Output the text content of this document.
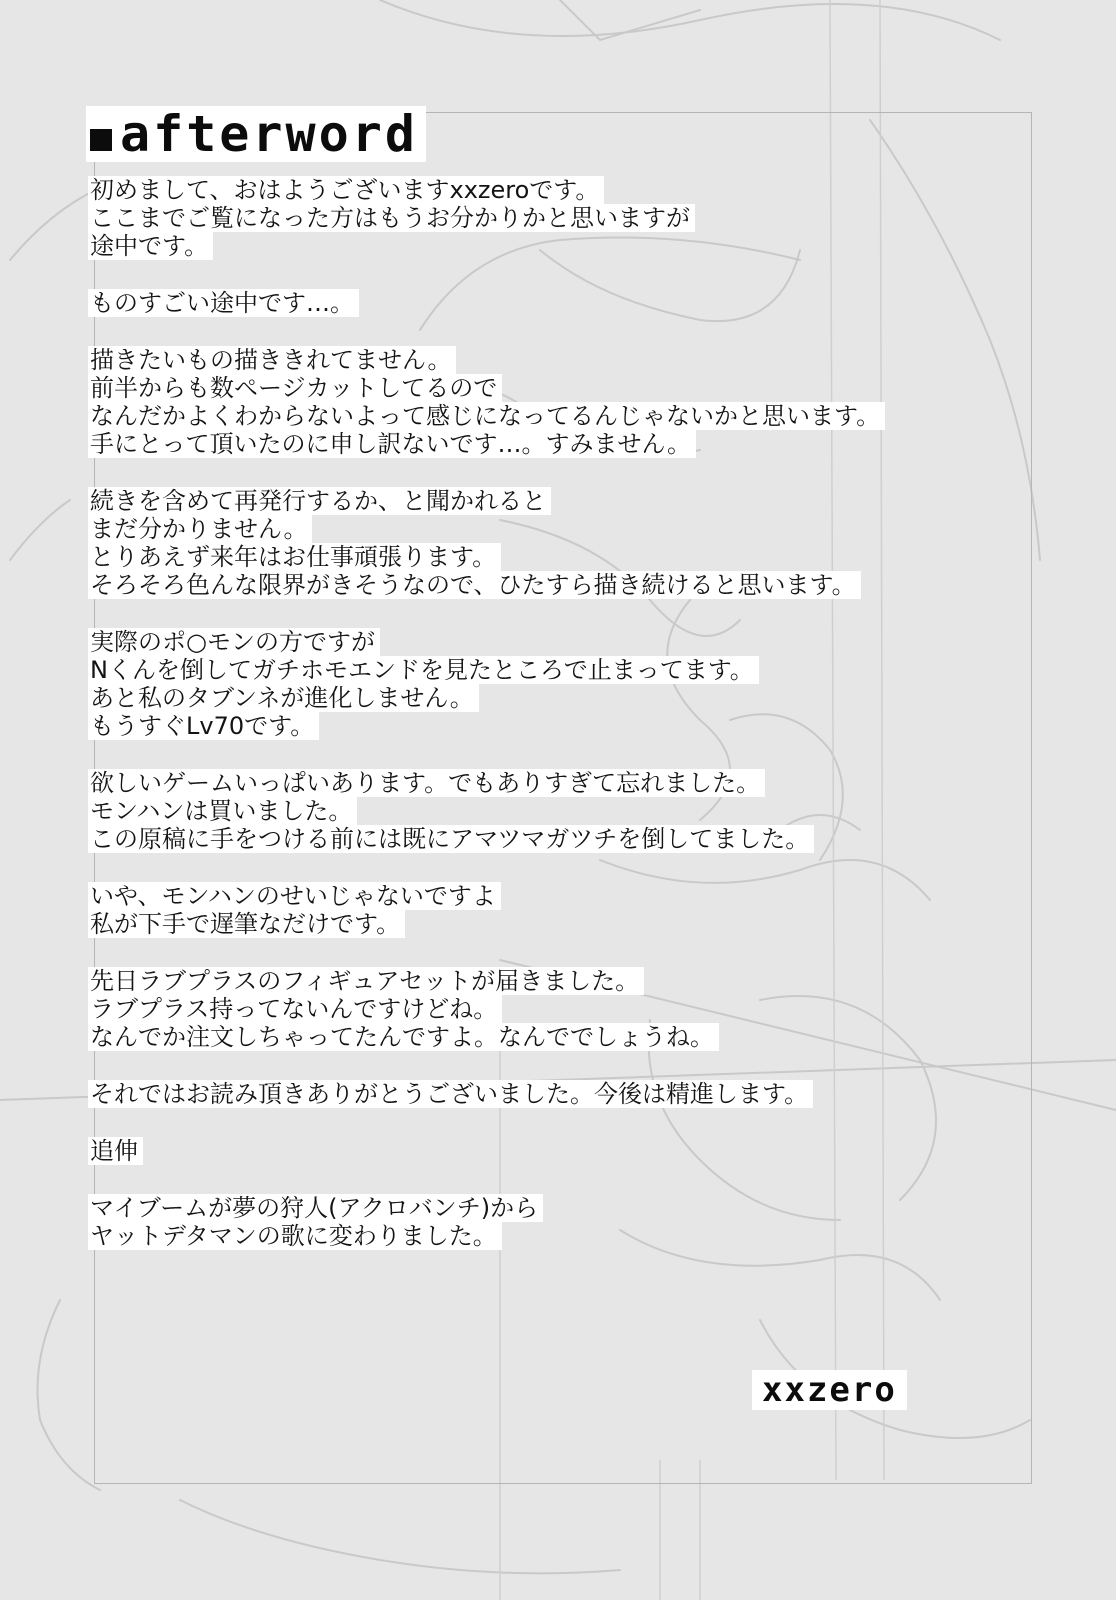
afterword
初めまして、おはようございますxxzeroです。
ここまでご覧になった方はもうお分かりかと思いますが
途中です。
ものすごい途中です…。
描きたいもの描ききれてません。
前半からも数ページカットしてるので
なんだかよくわからないよって感じになってるんじゃないかと思います。
手にとって頂いたのに申し訳ないです…。すみません。
続きを含めて再発行するか、と聞かれると
まだ分かりません。
とりあえず来年はお仕事頑張ります。
そろそろ色んな限界がきそうなので、ひたすら描き続けると思います。
実際のポ○モンの方ですが
Nくんを倒してガチホモエンドを見たところで止まってます。
あと私のタブンネが進化しません。
もうすぐLv70です。
欲しいゲームいっぱいあります。でもありすぎて忘れました。
モンハンは買いました。
この原稿に手をつける前には既にアマツマガツチを倒してました。
いや、モンハンのせいじゃないですよ
私が下手で遅筆なだけです。
先日ラブプラスのフィギュアセットが届きました。
ラブプラス持ってないんですけどね。
なんでか注文しちゃってたんですよ。なんででしょうね。
それではお読み頂きありがとうございました。今後は精進します。
追伸
マイブームが夢の狩人(アクロバンチ)から
ヤットデタマンの歌に変わりました。
xxzero
